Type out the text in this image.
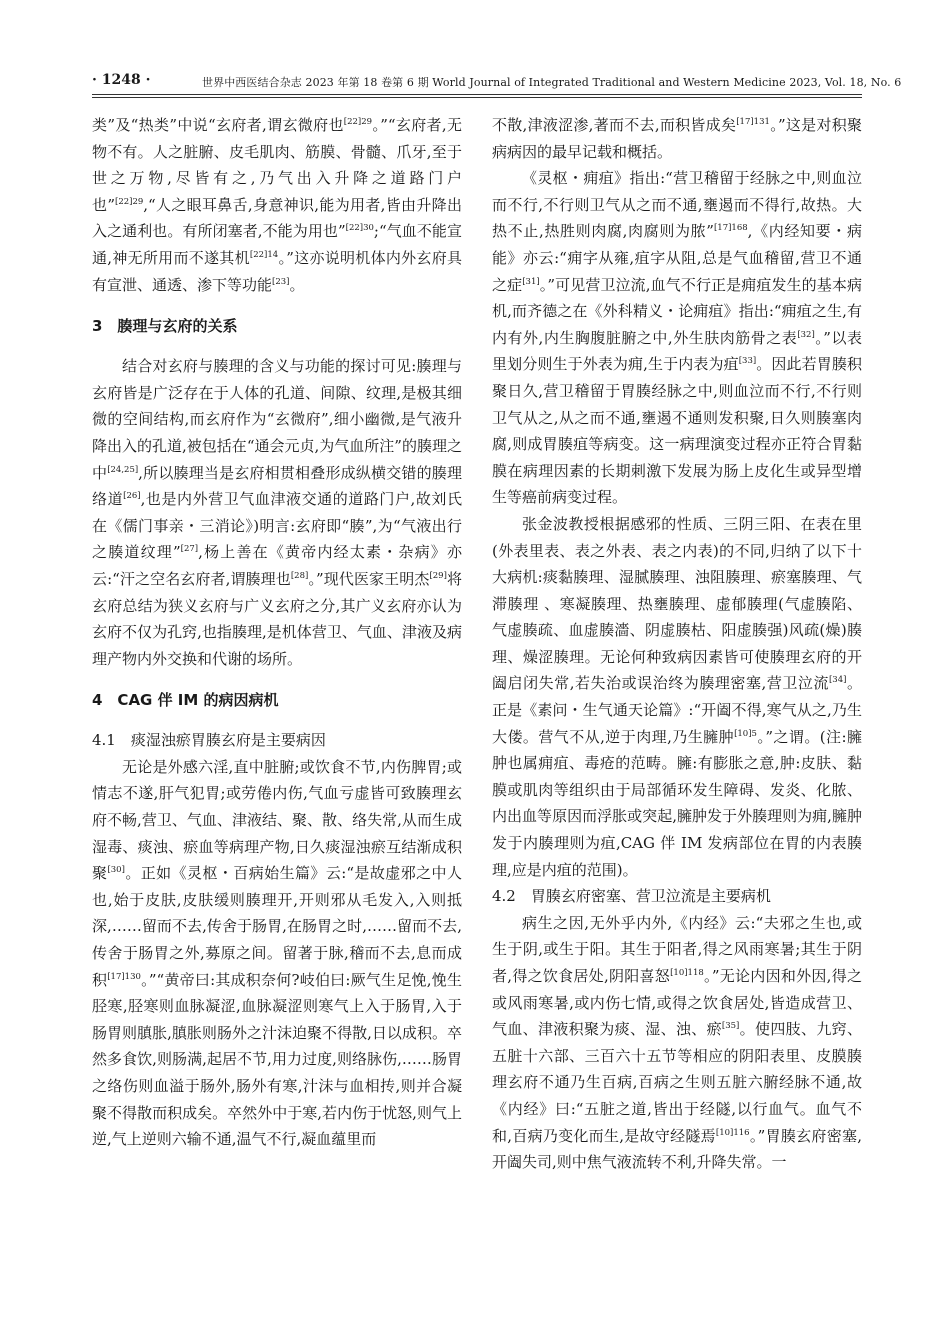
· 1248 ·	世界中西医结合杂志 2023 年第 18 卷第 6 期 World Journal of Integrated Traditional and Western Medicine 2023, Vol. 18, No. 6

类”及“热类”中说“玄府者,谓玄微府也$^{[22]29}$。”“玄府者,无物不有。人之脏腑、皮毛肌肉、筋膜、骨髓、爪牙,至于世之万物,尽皆有之,乃气出入升降之道路门户也”$^{[22]29}$,“人之眼耳鼻舌,身意神识,能为用者,皆由升降出入之通利也。有所闭塞者,不能为用也”$^{[22]30}$;“气血不能宣通,神无所用而不遂其机$^{[22]14}$。”这亦说明机体内外玄府具有宣泄、通透、渗下等功能[23]。

3　腠理与玄府的关系

结合对玄府与腠理的含义与功能的探讨可见:腠理与玄府皆是广泛存在于人体的孔道、间隙、纹理,是极其细微的空间结构,而玄府作为“玄微府”,细小幽微,是气液升降出入的孔道,被包括在“通会元贞,为气血所注”的腠理之中[24,25],所以腠理当是玄府相贯相叠形成纵横交错的腠理络道[26],也是内外营卫气血津液交通的道路门户,故刘氏在《儒门事亲・三消论》)明言:玄府即“腠”,为“气液出行之腠道纹理”[27],杨上善在《黄帝内经太素・杂病》亦云:“汗之空名玄府者,谓腠理也[28]。”现代医家王明杰[29]将玄府总结为狭义玄府与广义玄府之分,其广义玄府亦认为玄府不仅为孔窍,也指腠理,是机体营卫、气血、津液及病理产物内外交换和代谢的场所。

4　CAG 伴 IM 的病因病机
4.1　痰湿浊瘀胃腠玄府是主要病因

无论是外感六淫,直中脏腑;或饮食不节,内伤脾胃;或情志不遂,肝气犯胃;或劳倦内伤,气血亏虚皆可致腠理玄府不畅,营卫、气血、津液结、聚、散、络失常,从而生成湿毒、痰浊、瘀血等病理产物,日久痰湿浊瘀互结渐成积聚[30]。正如《灵枢・百病始生篇》云:“是故虚邪之中人也,始于皮肤,皮肤缓则腠理开,开则邪从毛发入,入则抵深,……留而不去,传舍于肠胃,在肠胃之时,……留而不去,传舍于肠胃之外,募原之间。留著于脉,稽而不去,息而成积$^{[17]130}$。”“黄帝曰:其成积奈何?岐伯曰:厥气生足悗,悗生胫寒,胫寒则血脉凝涩,血脉凝涩则寒气上入于肠胃,入于肠胃则䐜胀,䐜胀则肠外之汁沫迫聚不得散,日以成积。卒然多食饮,则肠满,起居不节,用力过度,则络脉伤,……肠胃之络伤则血溢于肠外,肠外有寒,汁沫与血相抟,则并合凝聚不得散而积成矣。卒然外中于寒,若内伤于忧怒,则气上逆,气上逆则六输不通,温气不行,凝血蕴里而

不散,津液涩渗,著而不去,而积皆成矣$^{[17]131}$。”这是对积聚病病因的最早记载和概括。

《灵枢・痈疽》指出:“营卫稽留于经脉之中,则血泣而不行,不行则卫气从之而不通,壅遏而不得行,故热。大热不止,热胜则肉腐,肉腐则为脓”$^{[17]168}$,《内经知要・病能》亦云:“痈字从雍,疽字从阻,总是气血稽留,营卫不通之症[31]。”可见营卫泣流,血气不行正是痈疽发生的基本病机,而齐德之在《外科精义・论痈疽》指出:“痈疽之生,有内有外,内生胸腹脏腑之中,外生肤肉筋骨之表[32]。”以表里划分则生于外表为痈,生于内表为疽[33]。因此若胃腠积聚日久,营卫稽留于胃腠经脉之中,则血泣而不行,不行则卫气从之,从之而不通,壅遏不通则发积聚,日久则腠塞肉腐,则成胃腠疽等病变。这一病理演变过程亦正符合胃黏膜在病理因素的长期刺激下发展为肠上皮化生或异型增生等癌前病变过程。

张金波教授根据感邪的性质、三阴三阳、在表在里(外表里表、表之外表、表之内表)的不同,归纳了以下十大病机:痰黏腠理、湿腻腠理、浊阻腠理、瘀塞腠理、气滞腠理 、寒凝腠理、热壅腠理、虚郁腠理(气虚腠陷、气虚腠疏、血虚腠濇、阴虚腠枯、阳虚腠强)风疏(燥)腠理、燥涩腠理。无论何种致病因素皆可使腠理玄府的开阖启闭失常,若失治或误治终为腠理密塞,营卫泣流[34]。正是《素问・生气通天论篇》:“开阖不得,寒气从之,乃生大偻。营气不从,逆于肉理,乃生臃肿$^{[10]5}$。”之谓。(注:臃肿也属痈疽、毒疮的范畴。臃:有膨胀之意,肿:皮肤、黏膜或肌肉等组织由于局部循环发生障碍、发炎、化脓、内出血等原因而浮胀或突起,臃肿发于外腠理则为痈,臃肿发于内腠理则为疽,CAG 伴 IM 发病部位在胃的内表腠理,应是内疽的范围)。

4.2　胃腠玄府密塞、营卫泣流是主要病机

病生之因,无外乎内外,《内经》云:“夫邪之生也,或生于阴,或生于阳。其生于阳者,得之风雨寒暑;其生于阴者,得之饮食居处,阴阳喜怒$^{[10]118}$。”无论内因和外因,得之或风雨寒暑,或内伤七情,或得之饮食居处,皆造成营卫、气血、津液积聚为痰、湿、浊、瘀[35]。使四肢、九窍、五脏十六部、三百六十五节等相应的阴阳表里、皮膜腠理玄府不通乃生百病,百病之生则五脏六腑经脉不通,故《内经》曰:“五脏之道,皆出于经隧,以行血气。血气不和,百病乃变化而生,是故守经隧焉$^{[10]116}$。”胃腠玄府密塞,开阖失司,则中焦气液流转不利,升降失常。一
